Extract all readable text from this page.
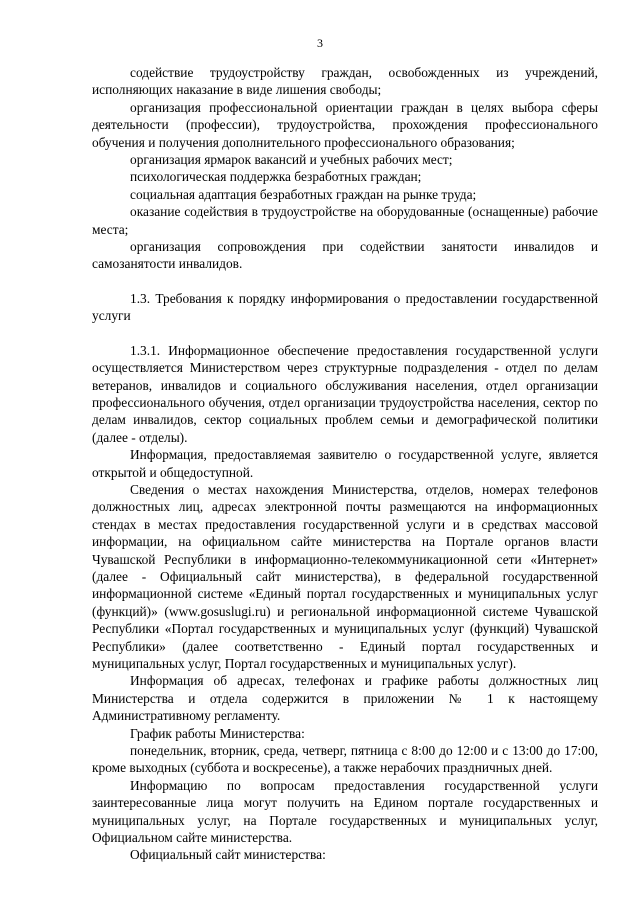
3

содействие трудоустройству граждан, освобожденных из учреждений, исполняющих наказание в виде лишения свободы;

организация профессиональной ориентации граждан в целях выбора сферы деятельности (профессии), трудоустройства, прохождения профессионального обучения и получения дополнительного профессионального образования;

организация ярмарок вакансий и учебных рабочих мест;

психологическая поддержка безработных граждан;

социальная адаптация безработных граждан на рынке труда;

оказание содействия в трудоустройстве на оборудованные (оснащенные) рабочие места;

организация сопровождения при содействии занятости инвалидов и самозанятости инвалидов.

1.3. Требования к порядку информирования о предоставлении государственной услуги

1.3.1. Информационное обеспечение предоставления государственной услуги осуществляется Министерством через структурные подразделения - отдел по делам ветеранов, инвалидов и социального обслуживания населения, отдел организации профессионального обучения, отдел организации трудоустройства населения, сектор по делам инвалидов, сектор социальных проблем семьи и демографической политики (далее - отделы).

Информация, предоставляемая заявителю о государственной услуге, является открытой и общедоступной.

Сведения о местах нахождения Министерства, отделов, номерах телефонов должностных лиц, адресах электронной почты размещаются на информационных стендах в местах предоставления государственной услуги и в средствах массовой информации, на официальном сайте министерства на Портале органов власти Чувашской Республики в информационно-телекоммуникационной сети «Интернет» (далее - Официальный сайт министерства), в федеральной государственной информационной системе «Единый портал государственных и муниципальных услуг (функций)» (www.gosuslugi.ru) и региональной информационной системе Чувашской Республики «Портал государственных и муниципальных услуг (функций) Чувашской Республики» (далее соответственно - Единый портал государственных и муниципальных услуг, Портал государственных и муниципальных услуг).

Информация об адресах, телефонах и графике работы должностных лиц Министерства и отдела содержится в приложении № 1 к настоящему Административному регламенту.

График работы Министерства:

понедельник, вторник, среда, четверг, пятница с 8:00 до 12:00 и с 13:00 до 17:00, кроме выходных (суббота и воскресенье), а также нерабочих праздничных дней.

Информацию по вопросам предоставления государственной услуги заинтересованные лица могут получить на Едином портале государственных и муниципальных услуг, на Портале государственных и муниципальных услуг, Официальном сайте министерства.

Официальный сайт министерства:
